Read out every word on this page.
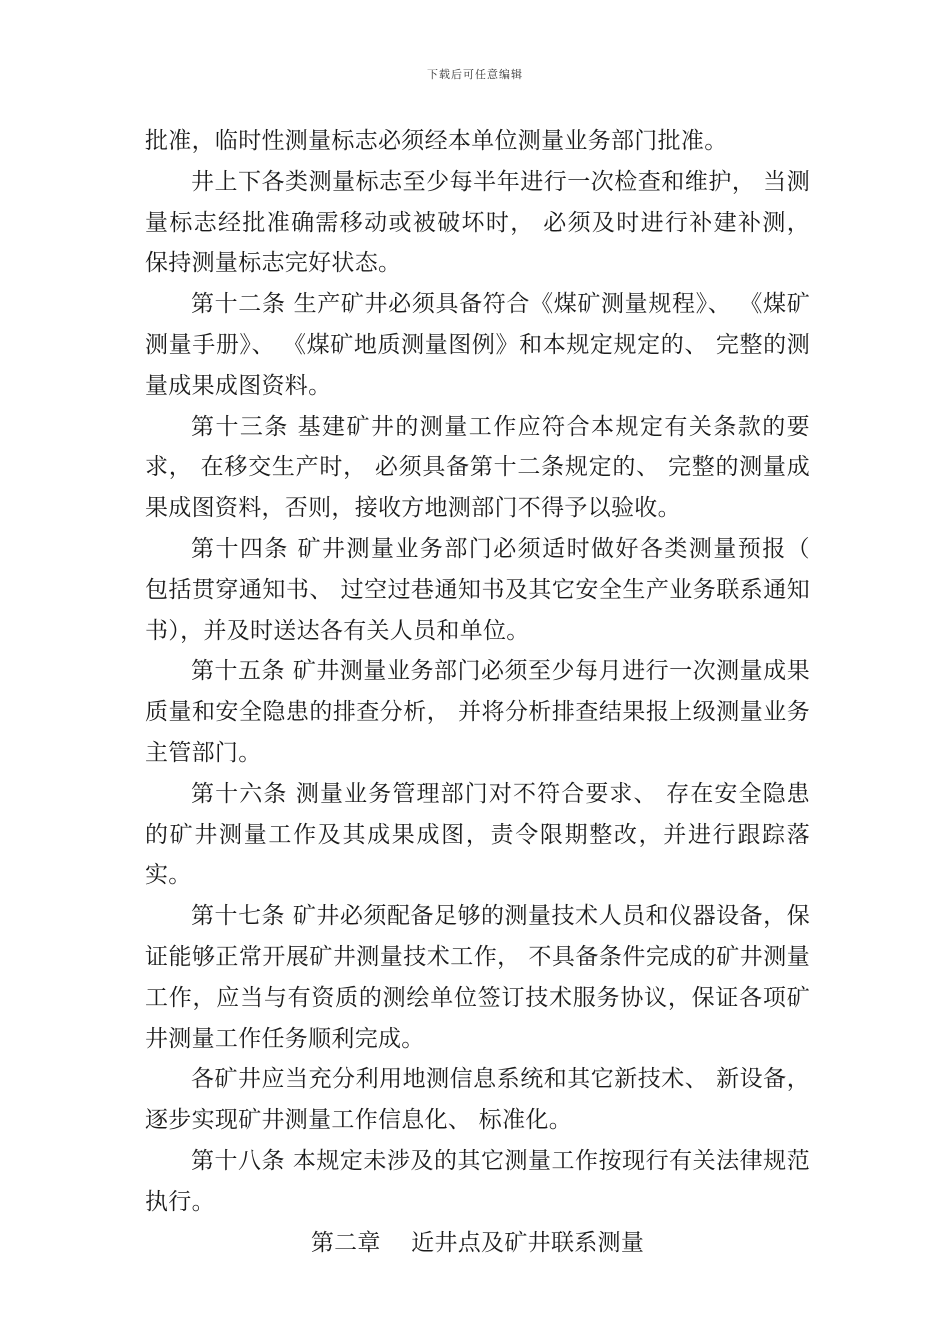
下载后可任意编辑

批准，临时性测量标志必须经本单位测量业务部门批准。

井上下各类测量标志至少每半年进行一次检查和维护， 当测量标志经批准确需移动或被破坏时， 必须及时进行补建补测， 保持测量标志完好状态。

第十二条 生产矿井必须具备符合《煤矿测量规程》、 《煤矿测量手册》、 《煤矿地质测量图例》和本规定规定的、 完整的测量成果成图资料。

第十三条 基建矿井的测量工作应符合本规定有关条款的要求， 在移交生产时， 必须具备第十二条规定的、 完整的测量成果成图资料，否则，接收方地测部门不得予以验收。

第十四条 矿井测量业务部门必须适时做好各类测量预报（ 包括贯穿通知书、 过空过巷通知书及其它安全生产业务联系通知书），并及时送达各有关人员和单位。

第十五条 矿井测量业务部门必须至少每月进行一次测量成果质量和安全隐患的排查分析， 并将分析排查结果报上级测量业务主管部门。

第十六条 测量业务管理部门对不符合要求、 存在安全隐患的矿井测量工作及其成果成图，责令限期整改，并进行跟踪落实。

第十七条 矿井必须配备足够的测量技术人员和仪器设备，保证能够正常开展矿井测量技术工作， 不具备条件完成的矿井测量工作，应当与有资质的测绘单位签订技术服务协议，保证各项矿井测量工作任务顺利完成。

各矿井应当充分利用地测信息系统和其它新技术、 新设备，逐步实现矿井测量工作信息化、 标准化。

第十八条 本规定未涉及的其它测量工作按现行有关法律规范执行。

第二章    近井点及矿井联系测量
